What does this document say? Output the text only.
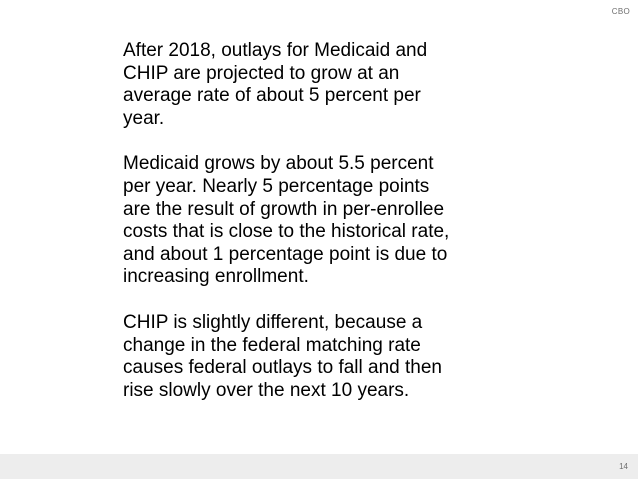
CBO

After 2018, outlays for Medicaid and
CHIP are projected to grow at an
average rate of about 5 percent per
year.

Medicaid grows by about 5.5 percent
per year. Nearly 5 percentage points
are the result of growth in per-enrollee
costs that is close to the historical rate,
and about 1 percentage point is due to
increasing enrollment.

CHIP is slightly different, because a
change in the federal matching rate
causes federal outlays to fall and then
rise slowly over the next 10 years.

14
